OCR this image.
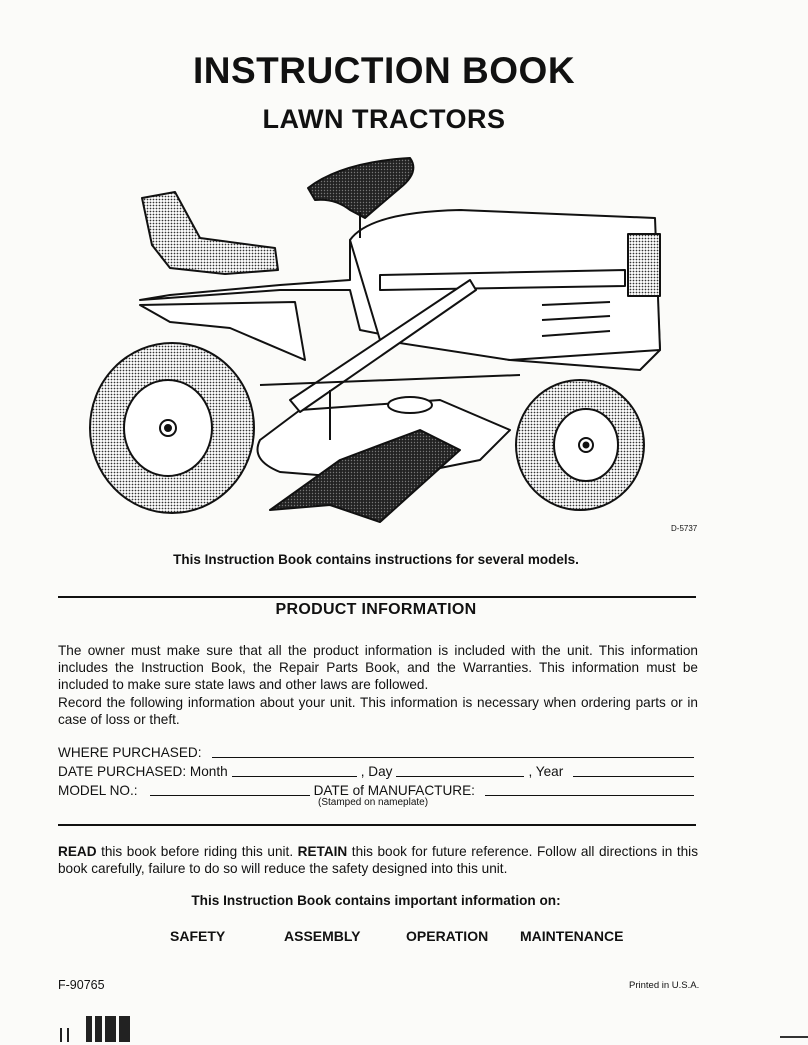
INSTRUCTION BOOK
LAWN TRACTORS
D-5737
This Instruction Book contains instructions for several models.
PRODUCT INFORMATION
The owner must make sure that all the product information is included with the unit. This information includes the Instruction Book, the Repair Parts Book, and the Warranties. This information must be included to make sure state laws and other laws are followed.
Record the following information about your unit. This information is necessary when ordering parts or in case of loss or theft.
WHERE PURCHASED:
DATE PURCHASED: Month	, Day	, Year
MODEL NO.:	DATE of MANUFACTURE:
(Stamped on nameplate)
READ this book before riding this unit. RETAIN this book for future reference. Follow all directions in this book carefully, failure to do so will reduce the safety designed into this unit.
This Instruction Book contains important information on:
SAFETY	ASSEMBLY	OPERATION MAINTENANCE
F-90765	Printed in U.S.A.
